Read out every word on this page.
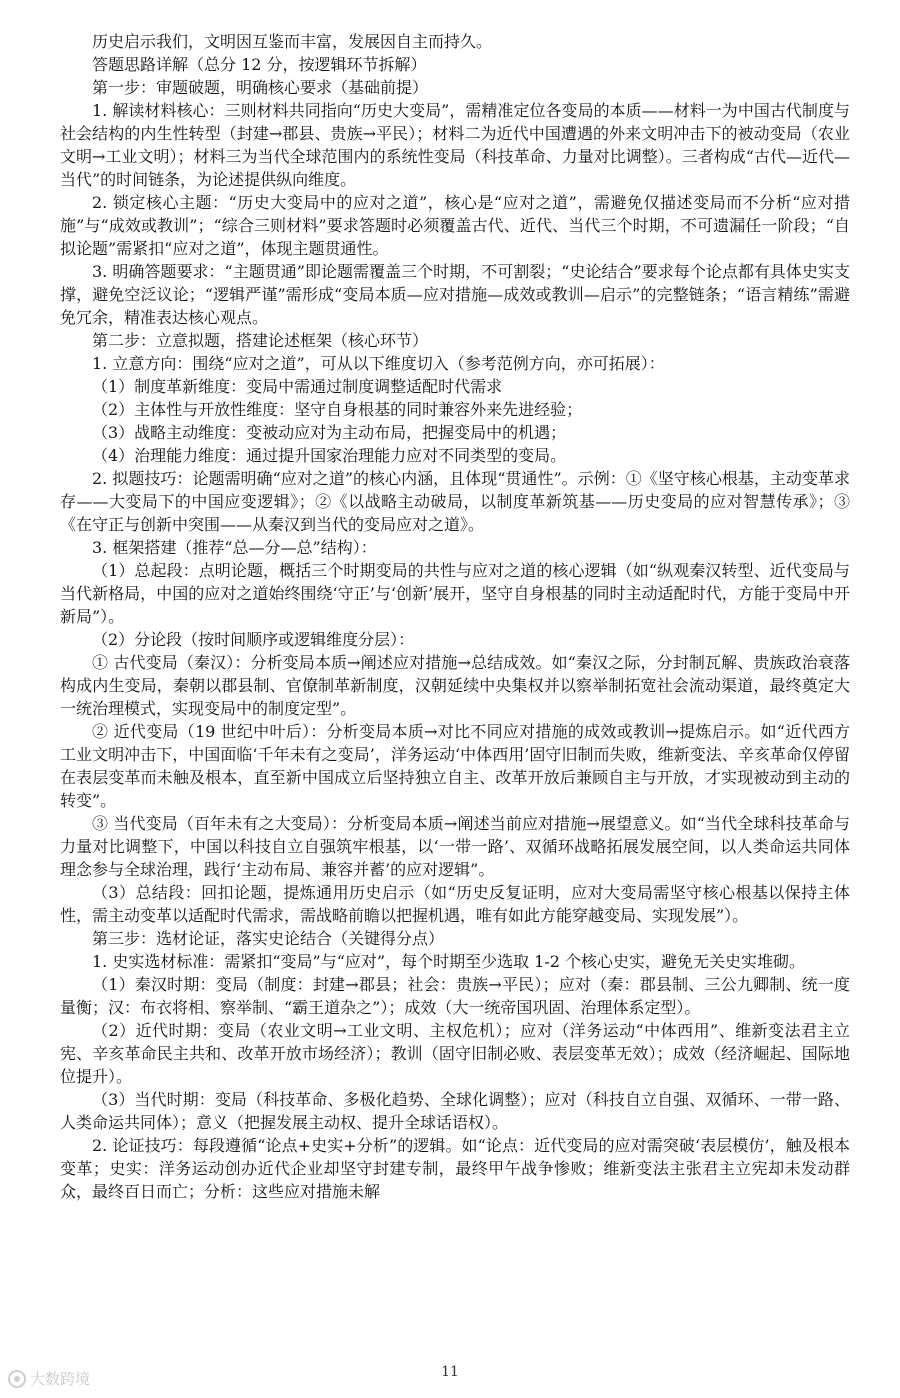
历史启示我们，文明因互鉴而丰富，发展因自主而持久。

答题思路详解（总分 12 分，按逻辑环节拆解）

第一步：审题破题，明确核心要求（基础前提）

1. 解读材料核心：三则材料共同指向“历史大变局”，需精准定位各变局的本质——材料一为中国古代制度与社会结构的内生性转型（封建→郡县、贵族→平民）；材料二为近代中国遭遇的外来文明冲击下的被动变局（农业文明→工业文明）；材料三为当代全球范围内的系统性变局（科技革命、力量对比调整）。三者构成“古代—近代—当代”的时间链条，为论述提供纵向维度。

2. 锁定核心主题：“历史大变局中的应对之道”，核心是“应对之道”，需避免仅描述变局而不分析“应对措施”与“成效或教训”；“综合三则材料”要求答题时必须覆盖古代、近代、当代三个时期，不可遗漏任一阶段；“自拟论题”需紧扣“应对之道”，体现主题贯通性。

3. 明确答题要求：“主题贯通”即论题需覆盖三个时期，不可割裂；“史论结合”要求每个论点都有具体史实支撑，避免空泛议论；“逻辑严谨”需形成“变局本质—应对措施—成效或教训—启示”的完整链条；“语言精练”需避免冗余，精准表达核心观点。

第二步：立意拟题，搭建论述框架（核心环节）

1. 立意方向：围绕“应对之道”，可从以下维度切入（参考范例方向，亦可拓展）：

（1）制度革新维度：变局中需通过制度调整适配时代需求

（2）主体性与开放性维度：坚守自身根基的同时兼容外来先进经验；

（3）战略主动维度：变被动应对为主动布局，把握变局中的机遇；

（4）治理能力维度：通过提升国家治理能力应对不同类型的变局。

2. 拟题技巧：论题需明确“应对之道”的核心内涵，且体现“贯通性”。示例：①《坚守核心根基，主动变革求存——大变局下的中国应变逻辑》；②《以战略主动破局，以制度革新筑基——历史变局的应对智慧传承》；③《在守正与创新中突围——从秦汉到当代的变局应对之道》。

3. 框架搭建（推荐“总—分—总”结构）：

（1）总起段：点明论题，概括三个时期变局的共性与应对之道的核心逻辑（如“纵观秦汉转型、近代变局与当代新格局，中国的应对之道始终围绕‘守正’与‘创新’展开，坚守自身根基的同时主动适配时代，方能于变局中开新局”）。

（2）分论段（按时间顺序或逻辑维度分层）：

① 古代变局（秦汉）：分析变局本质→阐述应对措施→总结成效。如“秦汉之际，分封制瓦解、贵族政治衰落构成内生变局，秦朝以郡县制、官僚制革新制度，汉朝延续中央集权并以察举制拓宽社会流动渠道，最终奠定大一统治理模式，实现变局中的制度定型”。

② 近代变局（19 世纪中叶后）：分析变局本质→对比不同应对措施的成效或教训→提炼启示。如“近代西方工业文明冲击下，中国面临‘千年未有之变局’，洋务运动‘中体西用’固守旧制而失败，维新变法、辛亥革命仅停留在表层变革而未触及根本，直至新中国成立后坚持独立自主、改革开放后兼顾自主与开放，才实现被动到主动的转变”。

③ 当代变局（百年未有之大变局）：分析变局本质→阐述当前应对措施→展望意义。如“当代全球科技革命与力量对比调整下，中国以科技自立自强筑牢根基，以‘一带一路’、双循环战略拓展发展空间，以人类命运共同体理念参与全球治理，践行‘主动布局、兼容并蓄’的应对逻辑”。

（3）总结段：回扣论题，提炼通用历史启示（如“历史反复证明，应对大变局需坚守核心根基以保持主体性，需主动变革以适配时代需求，需战略前瞻以把握机遇，唯有如此方能穿越变局、实现发展”）。

第三步：选材论证，落实史论结合（关键得分点）

1. 史实选材标准：需紧扣“变局”与“应对”，每个时期至少选取 1-2 个核心史实，避免无关史实堆砌。

（1）秦汉时期：变局（制度：封建→郡县；社会：贵族→平民）；应对（秦：郡县制、三公九卿制、统一度量衡；汉：布衣将相、察举制、“霸王道杂之”）；成效（大一统帝国巩固、治理体系定型）。

（2）近代时期：变局（农业文明→工业文明、主权危机）；应对（洋务运动“中体西用”、维新变法君主立宪、辛亥革命民主共和、改革开放市场经济）；教训（固守旧制必败、表层变革无效）；成效（经济崛起、国际地位提升）。

（3）当代时期：变局（科技革命、多极化趋势、全球化调整）；应对（科技自立自强、双循环、一带一路、人类命运共同体）；意义（把握发展主动权、提升全球话语权）。

2. 论证技巧：每段遵循“论点+史实+分析”的逻辑。如“论点：近代变局的应对需突破‘表层模仿’，触及根本变革；史实：洋务运动创办近代企业却坚守封建专制，最终甲午战争惨败；维新变法主张君主立宪却未发动群众，最终百日而亡；分析：这些应对措施未解

11
大数跨境
